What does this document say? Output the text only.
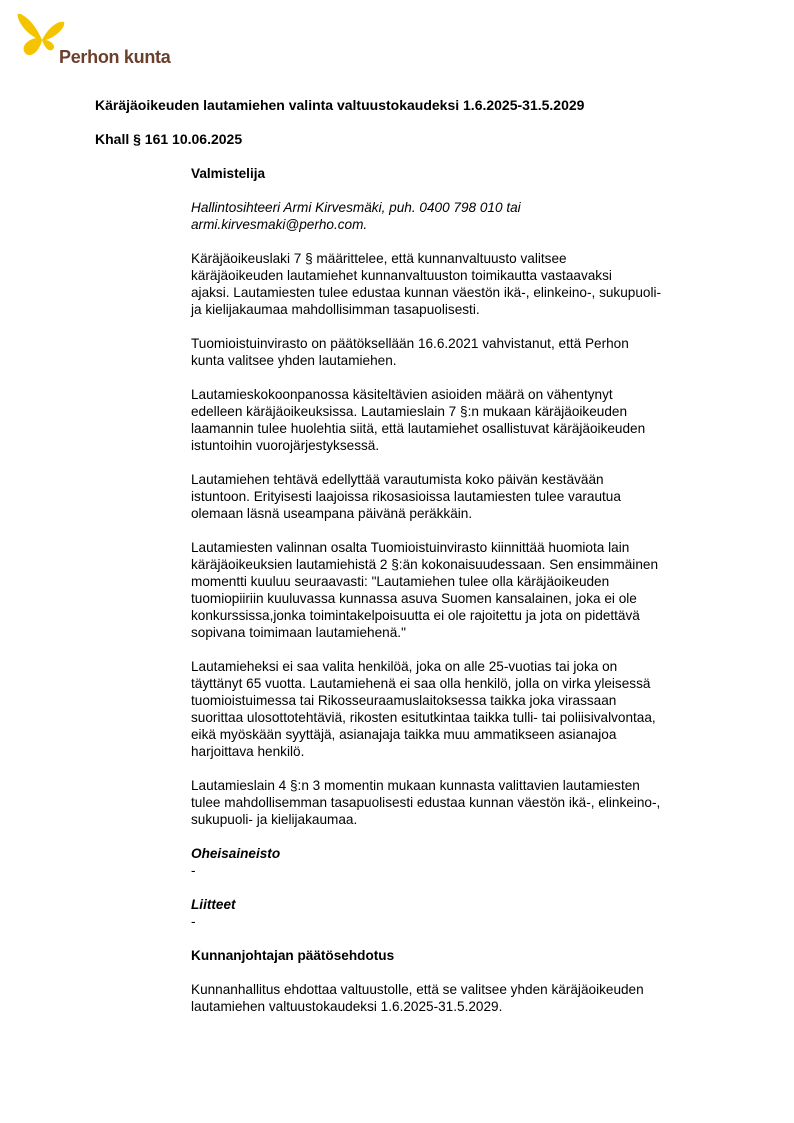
Perhon kunta
Käräjäoikeuden lautamiehen valinta valtuustokaudeksi 1.6.2025-31.5.2029
Khall § 161 10.06.2025

Valmistelija

Hallintosihteeri Armi Kirvesmäki, puh. 0400 798 010 tai
armi.kirvesmaki@perho.com.

Käräjäoikeuslaki 7 § määrittelee, että kunnanvaltuusto valitsee
käräjäoikeuden lautamiehet kunnanvaltuuston toimikautta vastaavaksi
ajaksi. Lautamiesten tulee edustaa kunnan väestön ikä-, elinkeino-, sukupuoli-
ja kielijakaumaa mahdollisimman tasapuolisesti.

Tuomioistuinvirasto on päätöksellään 16.6.2021 vahvistanut, että Perhon
kunta valitsee yhden lautamiehen.

Lautamieskokoonpanossa käsiteltävien asioiden määrä on vähentynyt
edelleen käräjäoikeuksissa. Lautamieslain 7 §:n mukaan käräjäoikeuden
laamannin tulee huolehtia siitä, että lautamiehet osallistuvat käräjäoikeuden
istuntoihin vuorojärjestyksessä.

Lautamiehen tehtävä edellyttää varautumista koko päivän kestävään
istuntoon. Erityisesti laajoissa rikosasioissa lautamiesten tulee varautua
olemaan läsnä useampana päivänä peräkkäin.

Lautamiesten valinnan osalta Tuomioistuinvirasto kiinnittää huomiota lain
käräjäoikeuksien lautamiehistä 2 §:än kokonaisuudessaan. Sen ensimmäinen
momentti kuuluu seuraavasti: "Lautamiehen tulee olla käräjäoikeuden
tuomiopiiriin kuuluvassa kunnassa asuva Suomen kansalainen, joka ei ole
konkurssissa,jonka toimintakelpoisuutta ei ole rajoitettu ja jota on pidettävä
sopivana toimimaan lautamiehenä."

Lautamieheksi ei saa valita henkilöä, joka on alle 25-vuotias tai joka on
täyttänyt 65 vuotta. Lautamiehenä ei saa olla henkilö, jolla on virka yleisessä
tuomioistuimessa tai Rikosseuraamuslaitoksessa taikka joka virassaan
suorittaa ulosottotehtäviä, rikosten esitutkintaa taikka tulli- tai poliisivalvontaa,
eikä myöskään syyttäjä, asianajaja taikka muu ammatikseen asianajoa
harjoittava henkilö.

Lautamieslain 4 §:n 3 momentin mukaan kunnasta valittavien lautamiesten
tulee mahdollisemman tasapuolisesti edustaa kunnan väestön ikä-, elinkeino-,
sukupuoli- ja kielijakaumaa.

Oheisaineisto

-

Liitteet

-

Kunnanjohtajan päätösehdotus

Kunnanhallitus ehdottaa valtuustolle, että se valitsee yhden käräjäoikeuden
lautamiehen valtuustokaudeksi 1.6.2025-31.5.2029.
